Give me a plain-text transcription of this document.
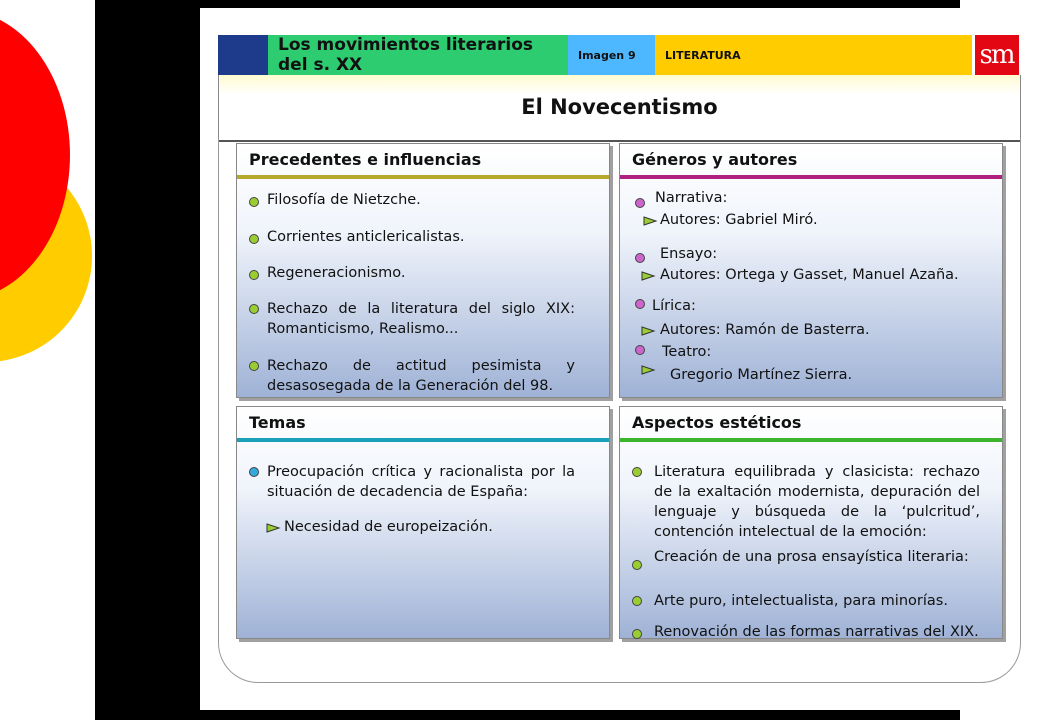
Los movimientos literarios del s. XX	Imagen 9	LITERATURA	sm
El Novecentismo
Precedentes e influencias
Filosofía de Nietzche.
Corrientes anticlericalistas.
Regeneracionismo.
Rechazo de la literatura del siglo XIX: Romanticismo, Realismo...
Rechazo de actitud pesimista y desasosegada de la Generación del 98.
Géneros y autores
Narrativa:
Autores: Gabriel Miró.
Ensayo:
Autores: Ortega y Gasset, Manuel Azaña.
Lírica:
Autores: Ramón de Basterra.
Teatro:
Gregorio Martínez Sierra.
Temas
Preocupación crítica y racionalista por la situación de decadencia de España:
Necesidad de europeización.
Aspectos estéticos
Literatura equilibrada y clasicista: rechazo de la exaltación modernista, depuración del lenguaje y búsqueda de la ‘pulcritud’, contención intelectual de la emoción:
Creación de una prosa ensayística literaria:
Arte puro, intelectualista, para minorías.
Renovación de las formas narrativas del XIX.
